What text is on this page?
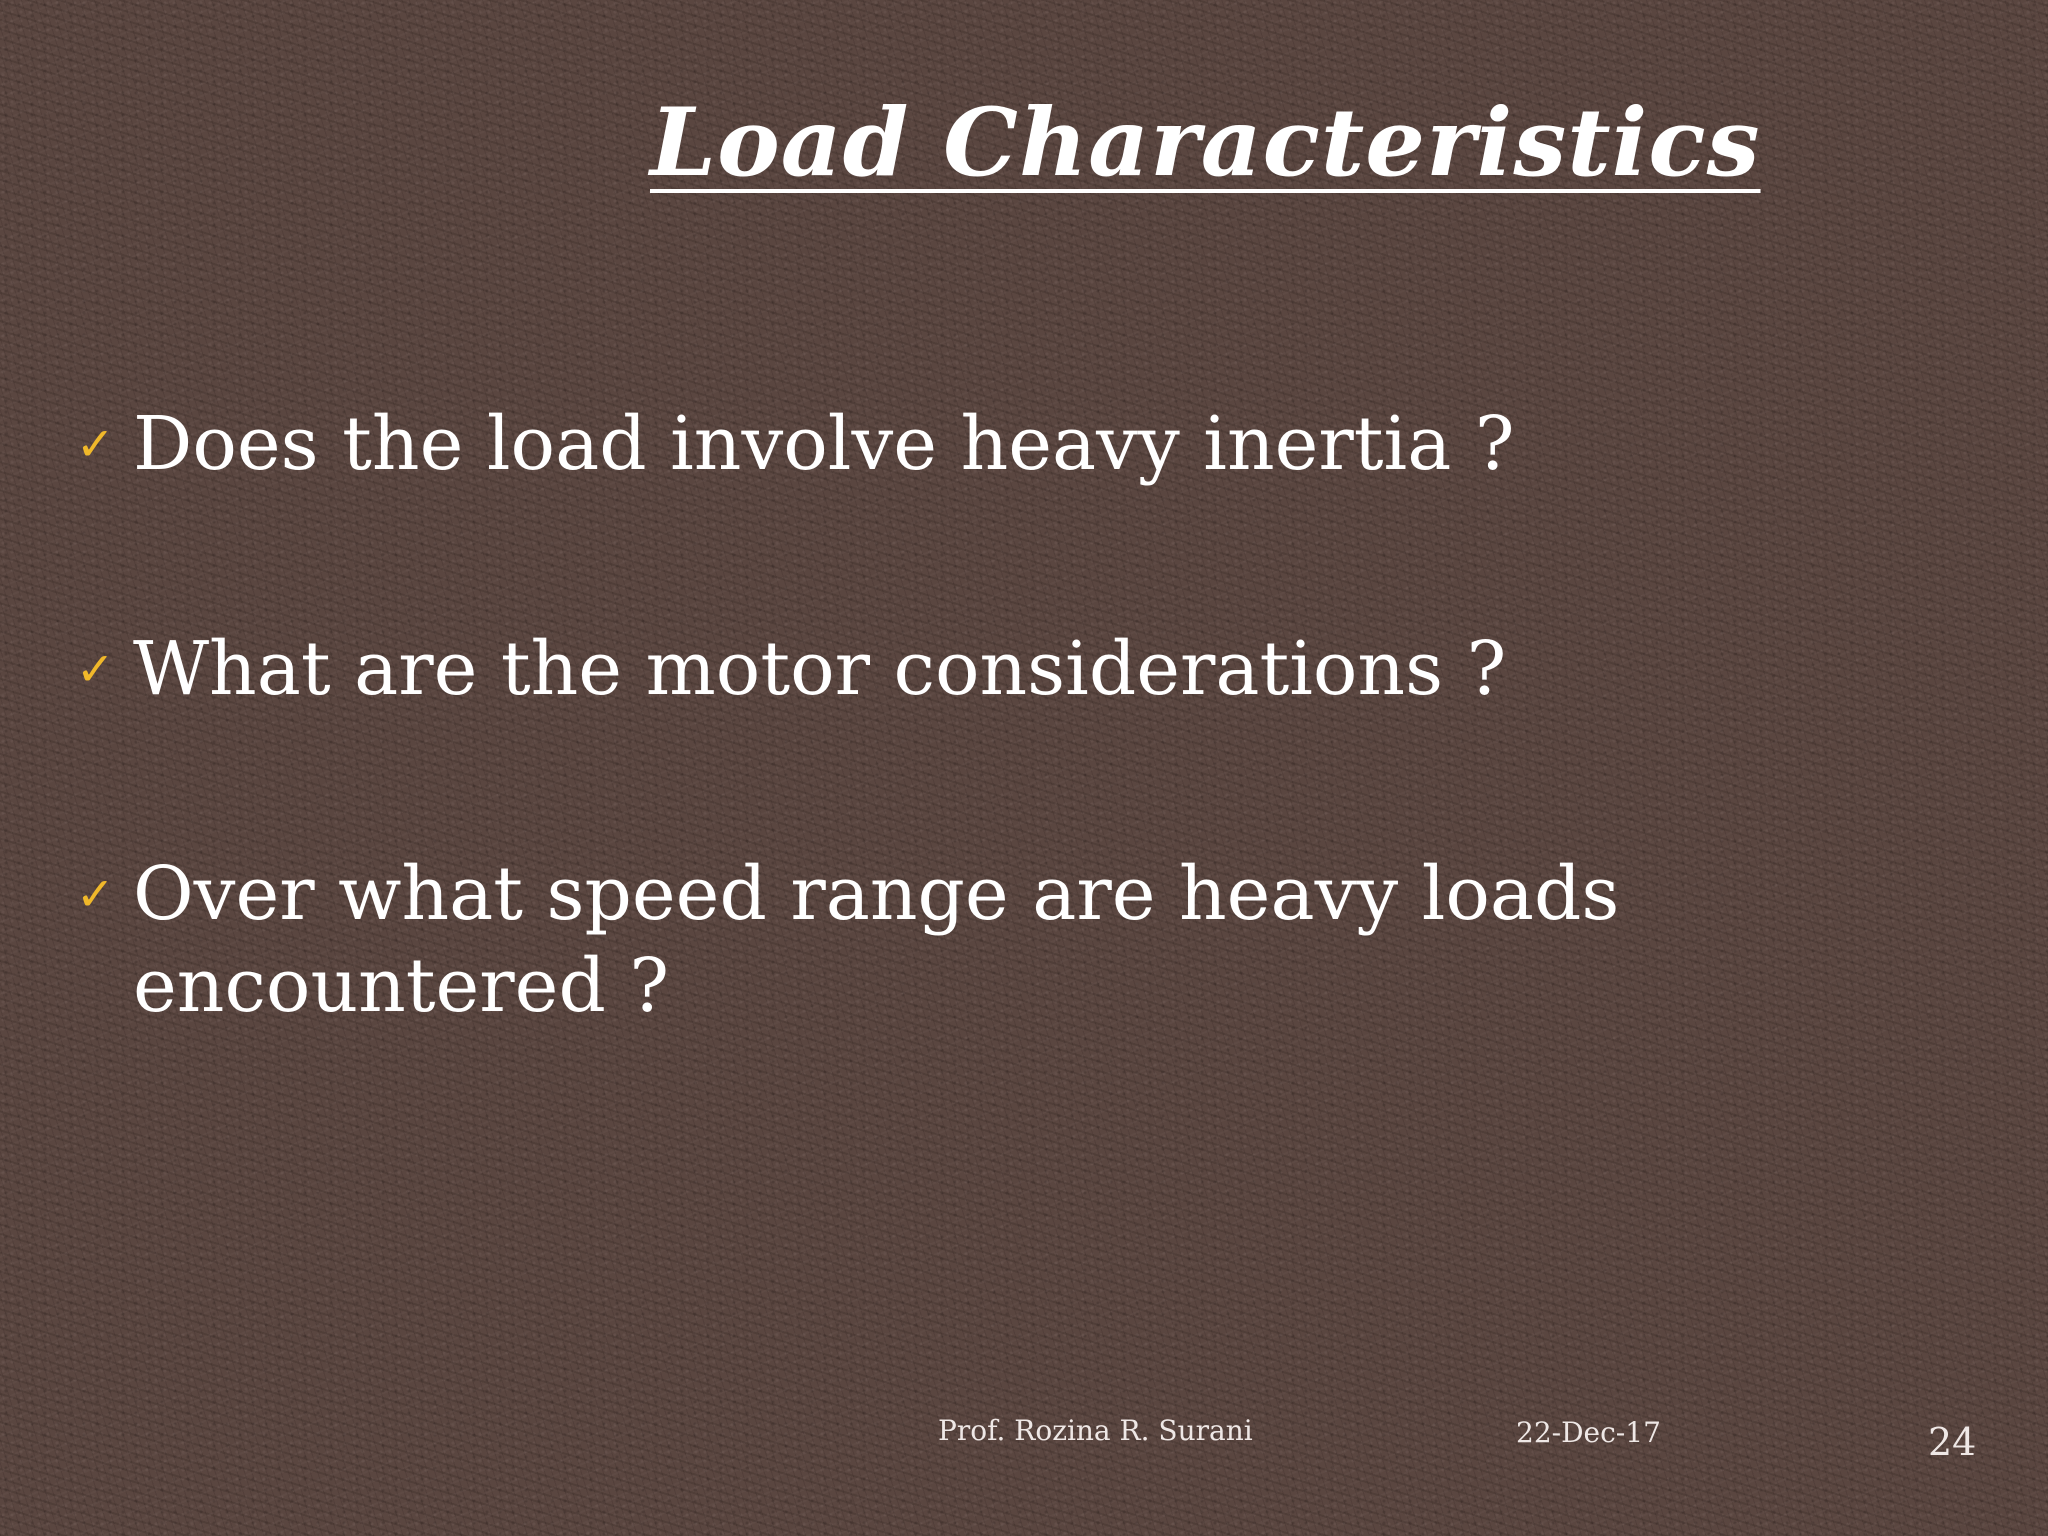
Load Characteristics
✓ Does the load involve heavy inertia ?
✓ What are the motor considerations ?
✓ Over what speed range are heavy loads encountered ?
Prof. Rozina R. Surani	22-Dec-17	24
